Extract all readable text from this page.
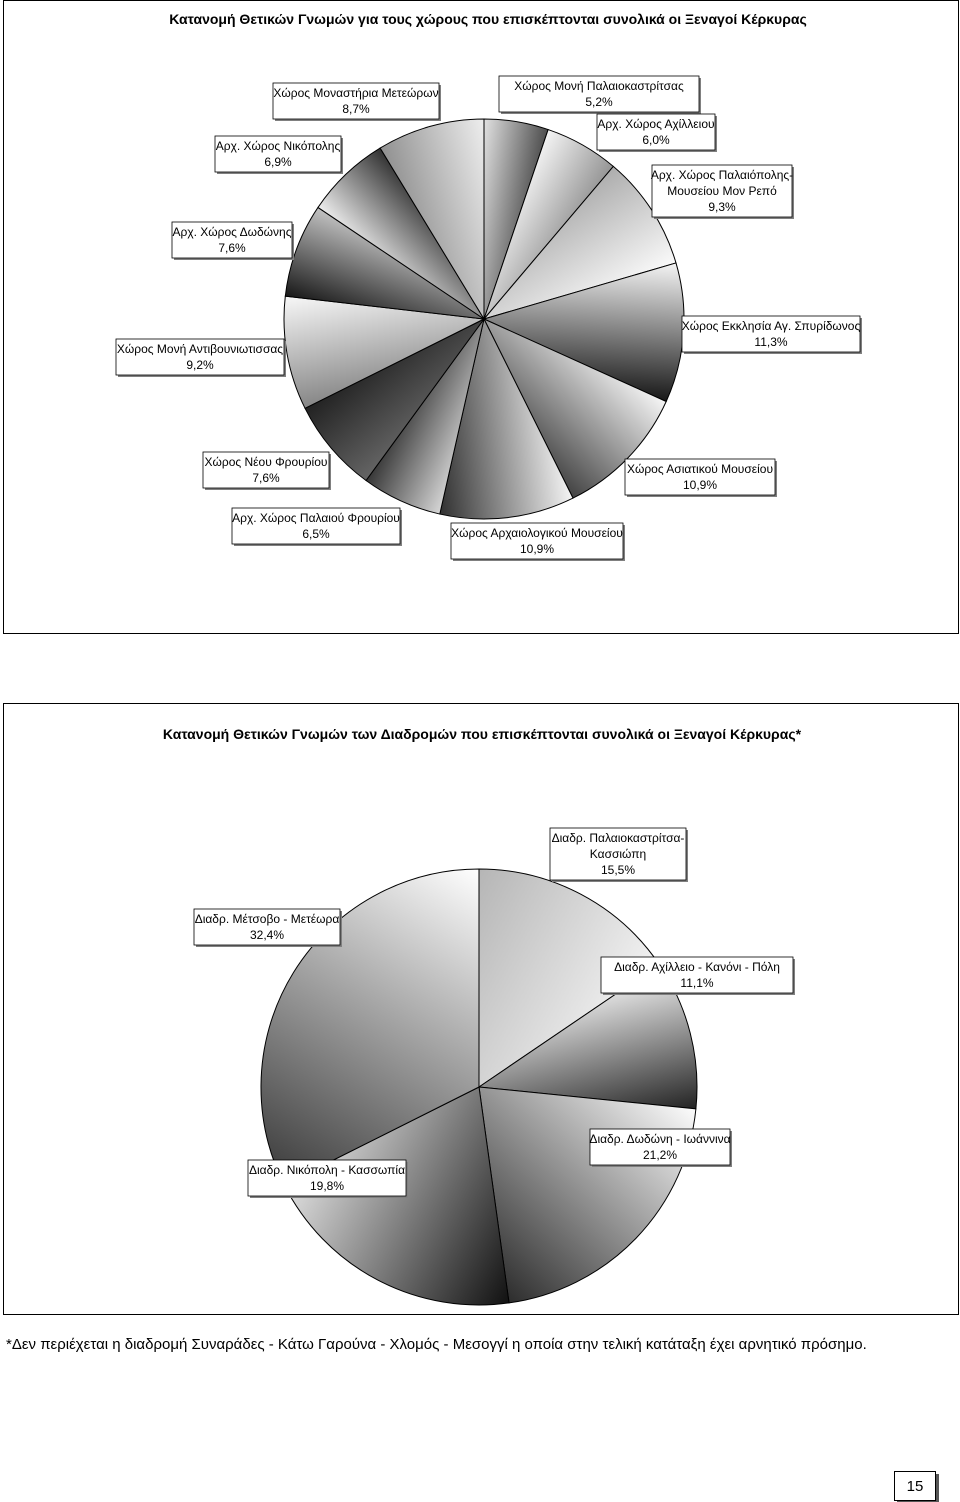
Κατανομή Θετικών Γνωμών για τους χώρους που επισκέπτονται συνολικά οι Ξεναγοί Κέρκυρας
Χώρος Μονή Παλαιοκαστρίτσας
5,2%
Αρχ. Χώρος Αχίλλειου
6,0%
Αρχ. Χώρος Παλαιόπολης-
Μουσείου Μον Ρεπό
9,3%
Χώρος Εκκλησία Αγ. Σπυρίδωνος
11,3%
Χώρος Ασιατικού Μουσείου
10,9%
Χώρος Αρχαιολογικού Μουσείου
10,9%
Αρχ. Χώρος Παλαιού Φρουρίου
6,5%
Χώρος Νέου Φρουρίου
7,6%
Χώρος Μονή Αντιβουνιωτισσας
9,2%
Αρχ. Χώρος Δωδώνης
7,6%
Αρχ. Χώρος Νικόπολης
6,9%
Χώρος Μοναστήρια Μετεώρων
8,7%
Κατανομή Θετικών Γνωμών των Διαδρομών που επισκέπτονται συνολικά οι Ξεναγοί Κέρκυρας*
Διαδρ. Παλαιοκαστρίτσα-
Κασσιώπη
15,5%
Διαδρ. Αχίλλειο - Κανόνι - Πόλη
11,1%
Διαδρ. Δωδώνη - Ιωάννινα
21,2%
Διαδρ. Νικόπολη - Κασσωπία
19,8%
Διαδρ. Μέτσοβο - Μετέωρα
32,4%
*Δεν περιέχεται η διαδρομή Συναράδες - Κάτω Γαρούνα - Χλομός - Μεσογγί η οποία στην τελική κατάταξη έχει αρνητικό πρόσημο.
15
